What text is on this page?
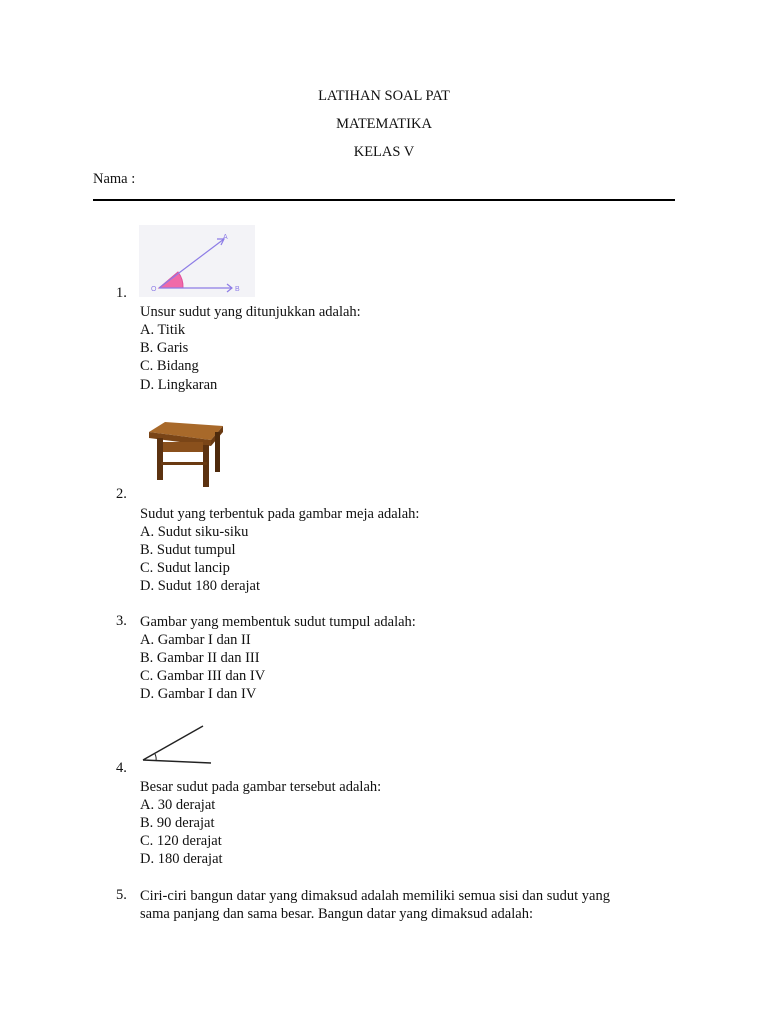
LATIHAN SOAL PAT
MATEMATIKA
KELAS V
Nama :
A
B
O
1.
Unsur sudut yang ditunjukkan adalah:
A. Titik
B. Garis
C. Bidang
D. Lingkaran
2.
Sudut yang terbentuk pada gambar meja adalah:
A. Sudut siku-siku
B. Sudut tumpul
C. Sudut lancip
D. Sudut 180 derajat
3. Gambar yang membentuk sudut tumpul adalah:
A. Gambar I dan II
B. Gambar II dan III
C. Gambar III dan IV
D. Gambar I dan IV
4.
Besar sudut pada gambar tersebut adalah:
A. 30 derajat
B. 90 derajat
C. 120 derajat
D. 180 derajat
5. Ciri-ciri bangun datar yang dimaksud adalah memiliki semua sisi dan sudut yang
sama panjang dan sama besar. Bangun datar yang dimaksud adalah:
